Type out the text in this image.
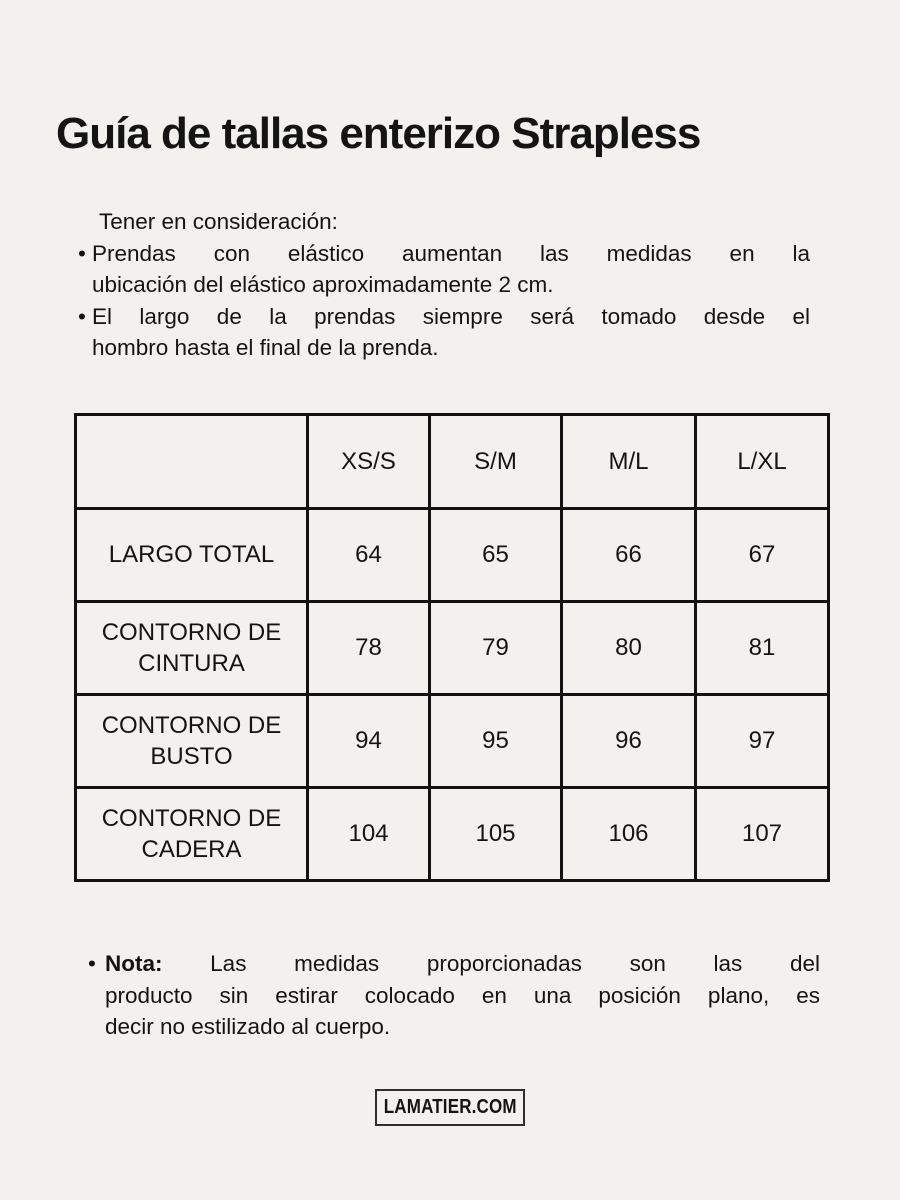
Guía de tallas enterizo Strapless
Tener en consideración:
• Prendas con elástico aumentan las medidas en la
ubicación del elástico aproximadamente 2 cm.
• El largo de la prendas siempre será tomado desde el
hombro hasta el final de la prenda.
	XS/S	S/M	M/L	L/XL
LARGO TOTAL	64	65	66	67
CONTORNO DE CINTURA	78	79	80	81
CONTORNO DE BUSTO	94	95	96	97
CONTORNO DE CADERA	104	105	106	107
• Nota: Las medidas proporcionadas son las del
producto sin estirar colocado en una posición plano, es
decir no estilizado al cuerpo.
LAMATIER.COM
